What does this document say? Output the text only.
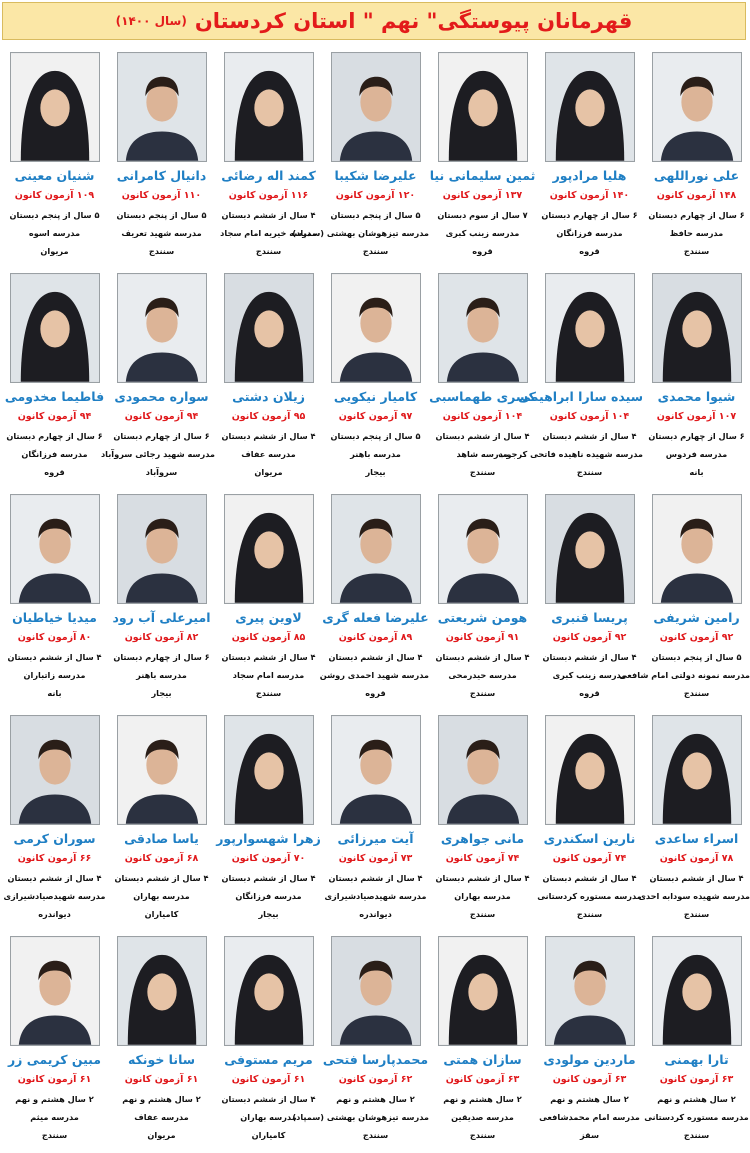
قهرمانان پیوستگی" نهم " استان کردستان
(سال ۱۴۰۰)
علی نوراللهی
۱۴۸ آزمون کانون
۶ سال از چهارم دبستان
مدرسه حافظ
سنندج
هلیا مرادپور
۱۴۰ آزمون کانون
۶ سال از چهارم دبستان
مدرسه فرزانگان
قروه
ثمین سلیمانی نیا
۱۳۷ آزمون کانون
۷ سال از سوم دبستان
مدرسه زینب کبری
قروه
علیرضا شکیبا
۱۲۰ آزمون کانون
۵ سال از پنجم دبستان
مدرسه تیزهوشان بهشتی (سمپاد)
سنندج
کمند اله رضائی
۱۱۶ آزمون کانون
۴ سال از ششم دبستان
مدرسه خیریه امام سجاد
سنندج
دانیال کامرانی
۱۱۰ آزمون کانون
۵ سال از پنجم دبستان
مدرسه شهید تعریف
سنندج
شنیان معینی
۱۰۹ آزمون کانون
۵ سال از پنجم دبستان
مدرسه اسوه
مریوان
شیوا محمدی
۱۰۷ آزمون کانون
۶ سال از چهارم دبستان
مدرسه فردوس
بانه
سیده سارا ابراهیمی
۱۰۴ آزمون کانون
۴ سال از ششم دبستان
مدرسه شهیده ناهیده فاتحی کرجوب
سنندج
کسری طهماسبی
۱۰۴ آزمون کانون
۴ سال از ششم دبستان
مدرسه شاهد
سنندج
کامیار نیکویی
۹۷ آزمون کانون
۵ سال از پنجم دبستان
مدرسه باهنر
بیجار
زیلان دشتی
۹۵ آزمون کانون
۴ سال از ششم دبستان
مدرسه عفاف
مریوان
سواره محمودی
۹۴ آزمون کانون
۶ سال از چهارم دبستان
مدرسه شهید رجائی سروآباد
سروآباد
فاطیما مخدومی
۹۴ آزمون کانون
۶ سال از چهارم دبستان
مدرسه فرزانگان
قروه
رامین شریفی
۹۲ آزمون کانون
۵ سال از پنجم دبستان
مدرسه نمونه دولتی امام شافعی
سنندج
پریسا قنبری
۹۲ آزمون کانون
۴ سال از ششم دبستان
مدرسه زینب کبری
قروه
هومن شریعتی
۹۱ آزمون کانون
۴ سال از ششم دبستان
مدرسه حیدرمحی
سنندج
علیرضا فعله گری
۸۹ آزمون کانون
۴ سال از ششم دبستان
مدرسه شهید احمدی روشن
قروه
لاوین پیری
۸۵ آزمون کانون
۴ سال از ششم دبستان
مدرسه امام سجاد
سنندج
امیرعلی آب رود
۸۲ آزمون کانون
۶ سال از چهارم دبستان
مدرسه باهنر
بیجار
میدیا خیاطیان
۸۰ آزمون کانون
۴ سال از ششم دبستان
مدرسه زاتباران
بانه
اسراء ساعدی
۷۸ آزمون کانون
۴ سال از ششم دبستان
مدرسه شهیده سودابه احدی
سنندج
نارین اسکندری
۷۴ آزمون کانون
۴ سال از ششم دبستان
مدرسه مستوره کردستانی
سنندج
مانی جواهری
۷۴ آزمون کانون
۴ سال از ششم دبستان
مدرسه بهاران
سنندج
آیت میرزائی
۷۳ آزمون کانون
۴ سال از ششم دبستان
مدرسه شهیدصیادشیرازی
دیواندره
زهرا شهسوارپور
۷۰ آزمون کانون
۴ سال از ششم دبستان
مدرسه فرزانگان
بیجار
یاسا صادقی
۶۸ آزمون کانون
۴ سال از ششم دبستان
مدرسه بهاران
کامیاران
سوران کرمی
۶۶ آزمون کانون
۴ سال از ششم دبستان
مدرسه شهیدصیادشیرازی
دیواندره
تارا بهمنی
۶۳ آزمون کانون
۲ سال هشتم و نهم
مدرسه مستوره کردستانی
سنندج
ماردین مولودی
۶۳ آزمون کانون
۲ سال هشتم و نهم
مدرسه امام محمدشافعی
سقز
سازان همتی
۶۳ آزمون کانون
۲ سال هشتم و نهم
مدرسه صدیقین
سنندج
محمدپارسا فتحی
۶۲ آزمون کانون
۲ سال هشتم و نهم
مدرسه تیزهوشان بهشتی (سمپاد)
سنندج
مریم مستوفی
۶۱ آزمون کانون
۴ سال از ششم دبستان
مدرسه بهاران
کامیاران
سانا خونکه
۶۱ آزمون کانون
۲ سال هشتم و نهم
مدرسه عفاف
مریوان
مبین کریمی زر
۶۱ آزمون کانون
۲ سال هشتم و نهم
مدرسه میثم
سنندج
